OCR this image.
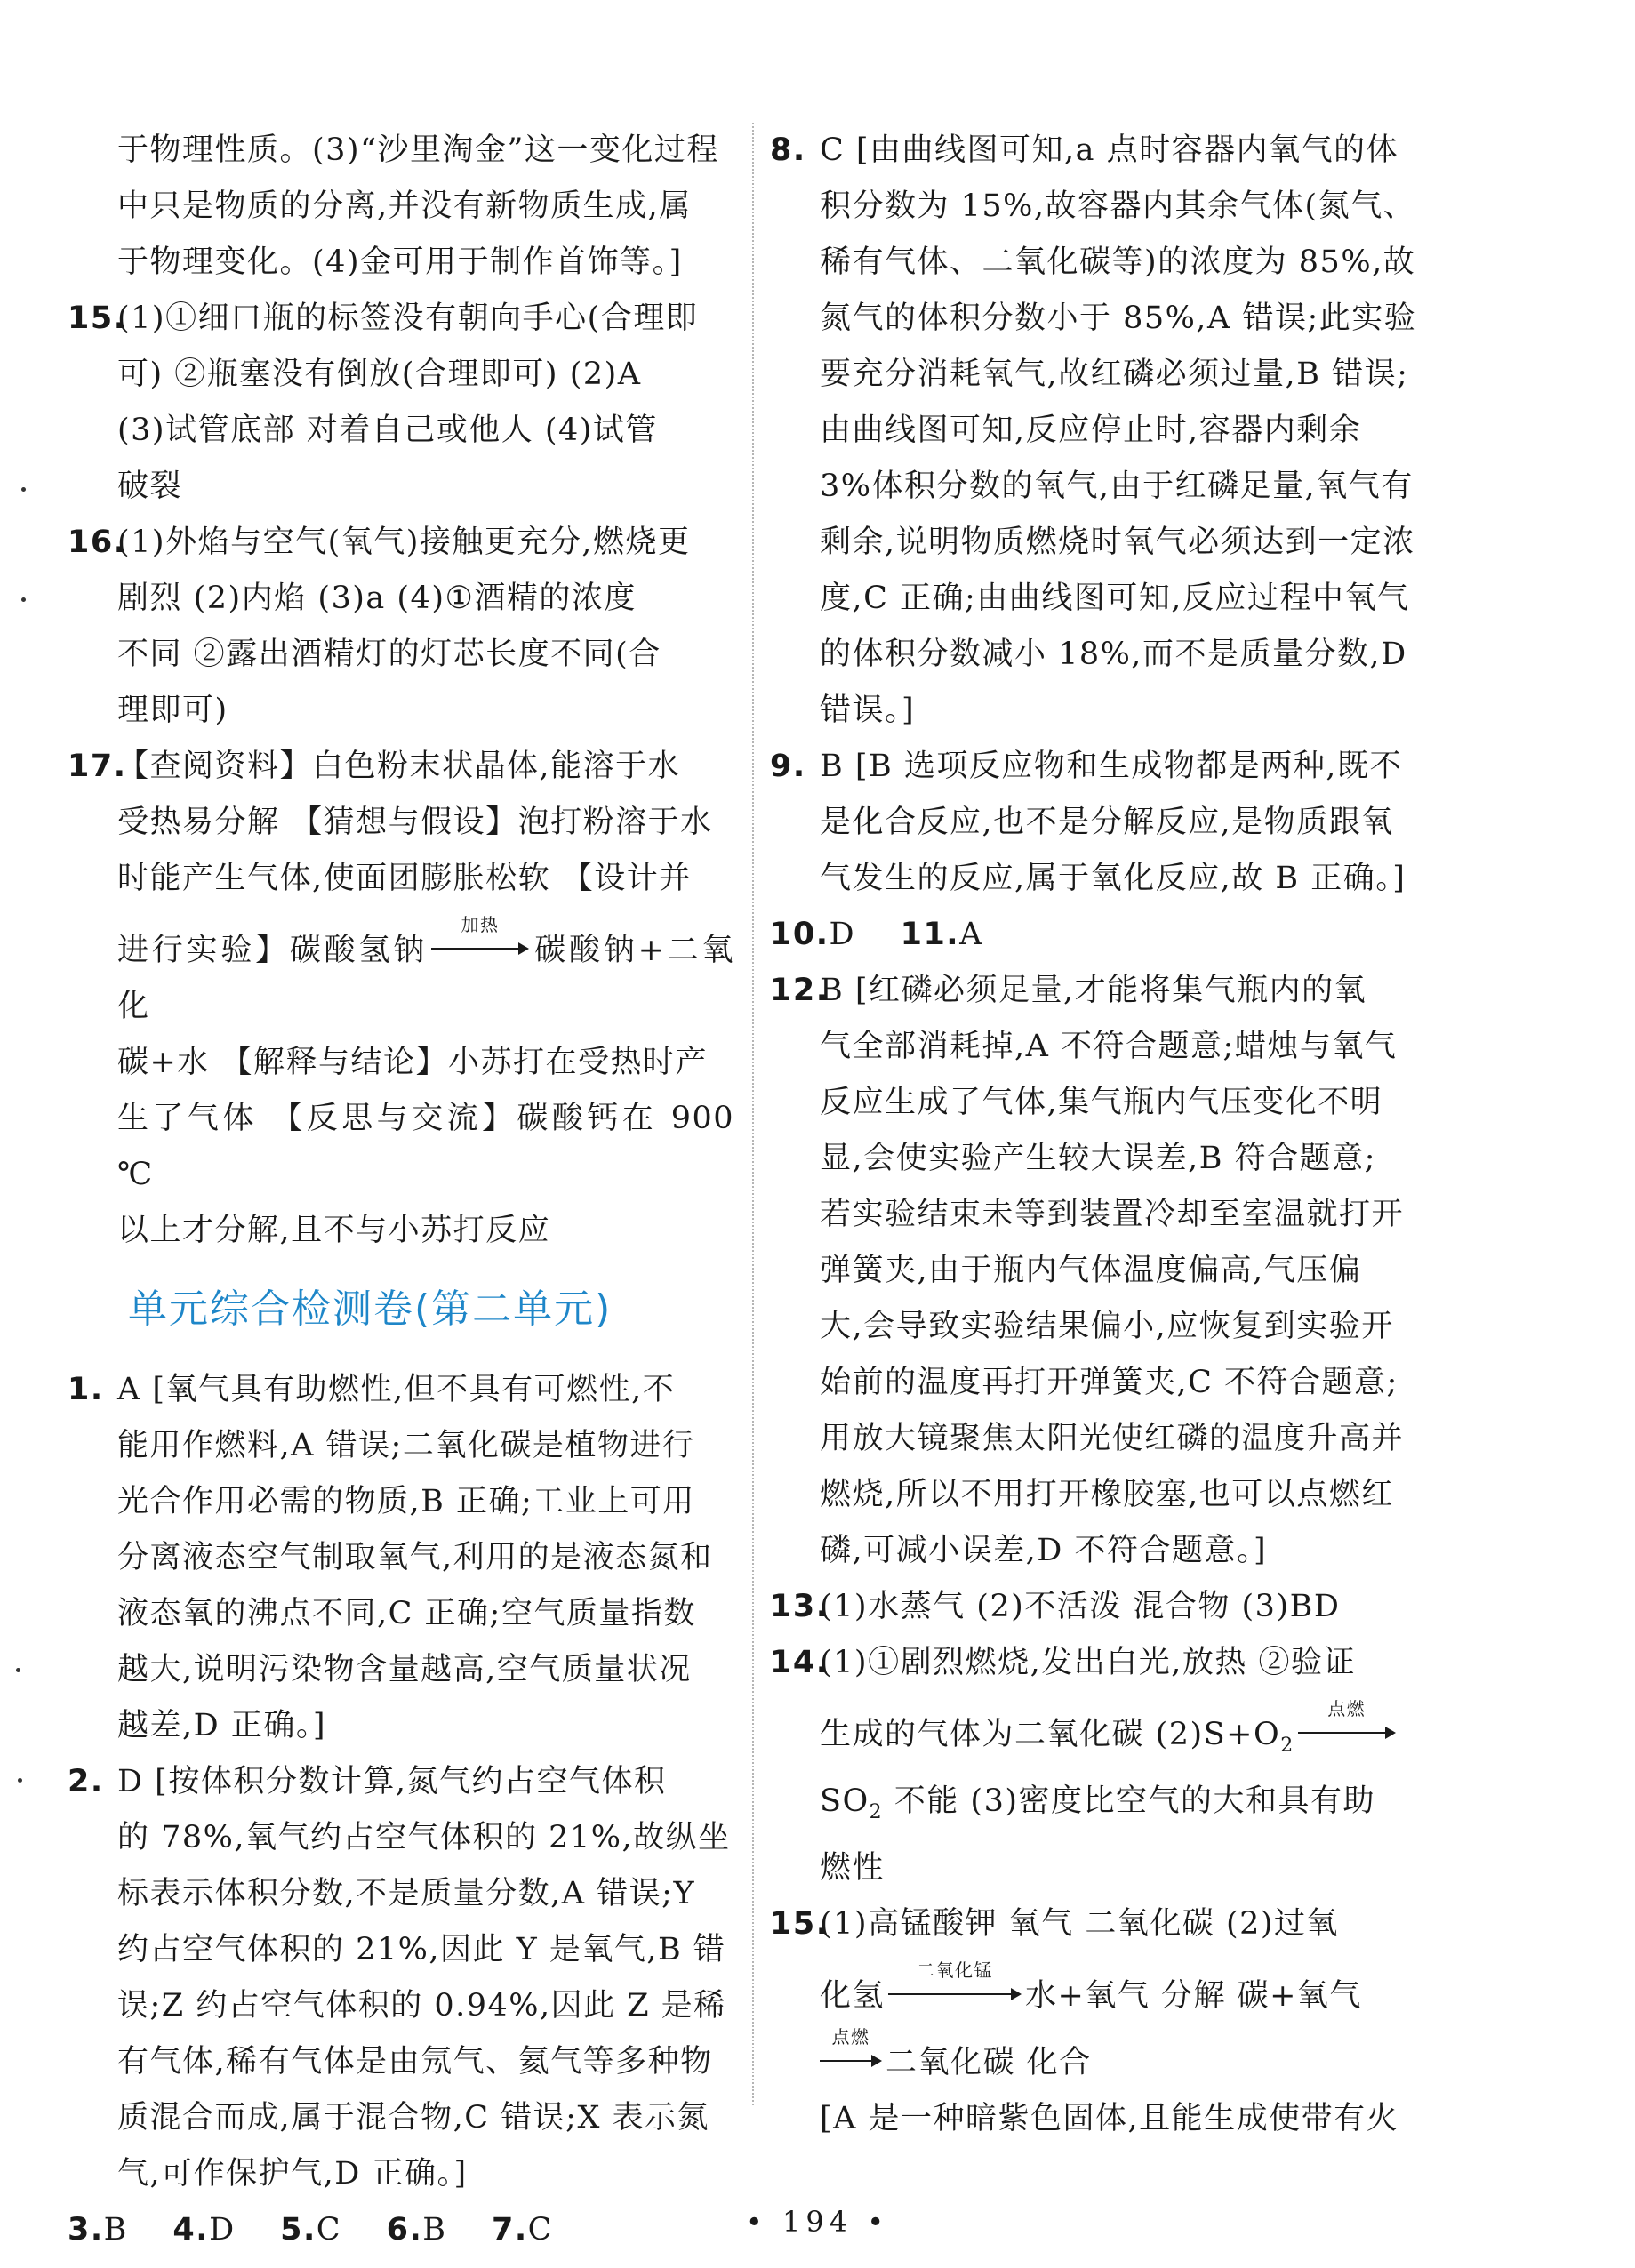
于物理性质。(3)“沙里淘金”这一变化过程
中只是物质的分离,并没有新物质生成,属
于物理变化。(4)金可用于制作首饰等。]
15.
(1)①细口瓶的标签没有朝向手心(合理即
可) ②瓶塞没有倒放(合理即可) (2)A
(3)试管底部 对着自己或他人 (4)试管
破裂
16.
(1)外焰与空气(氧气)接触更充分,燃烧更
剧烈 (2)内焰 (3)a (4)①酒精的浓度
不同 ②露出酒精灯的灯芯长度不同(合
理即可)
17.
【查阅资料】白色粉末状晶体,能溶于水
受热易分解 【猜想与假设】泡打粉溶于水
时能产生气体,使面团膨胀松软 【设计并
进行实验】碳酸氢钠
加热
碳酸钠+二氧化
碳+水 【解释与结论】小苏打在受热时产
生了气体 【反思与交流】碳酸钙在 900 ℃
以上才分解,且不与小苏打反应
单元综合检测卷(第二单元)
1. A [氧气具有助燃性,但不具有可燃性,不
能用作燃料,A 错误;二氧化碳是植物进行
光合作用必需的物质,B 正确;工业上可用
分离液态空气制取氧气,利用的是液态氮和
液态氧的沸点不同,C 正确;空气质量指数
越大,说明污染物含量越高,空气质量状况
越差,D 正确。]
2. D [按体积分数计算,氮气约占空气体积
的 78%,氧气约占空气体积的 21%,故纵坐
标表示体积分数,不是质量分数,A 错误;Y
约占空气体积的 21%,因此 Y 是氧气,B 错
误;Z 约占空气体积的 0.94%,因此 Z 是稀
有气体,稀有气体是由氖气、氦气等多种物
质混合而成,属于混合物,C 错误;X 表示氮
气,可作保护气,D 正确。]
3.B 4.D 5.C 6.B 7.C
8. C [由曲线图可知,a 点时容器内氧气的体
积分数为 15%,故容器内其余气体(氮气、
稀有气体、二氧化碳等)的浓度为 85%,故
氮气的体积分数小于 85%,A 错误;此实验
要充分消耗氧气,故红磷必须过量,B 错误;
由曲线图可知,反应停止时,容器内剩余
3%体积分数的氧气,由于红磷足量,氧气有
剩余,说明物质燃烧时氧气必须达到一定浓
度,C 正确;由曲线图可知,反应过程中氧气
的体积分数减小 18%,而不是质量分数,D
错误。]
9. B [B 选项反应物和生成物都是两种,既不
是化合反应,也不是分解反应,是物质跟氧
气发生的反应,属于氧化反应,故 B 正确。]
10.D 11.A
12.
B [红磷必须足量,才能将集气瓶内的氧
气全部消耗掉,A 不符合题意;蜡烛与氧气
反应生成了气体,集气瓶内气压变化不明
显,会使实验产生较大误差,B 符合题意;
若实验结束未等到装置冷却至室温就打开
弹簧夹,由于瓶内气体温度偏高,气压偏
大,会导致实验结果偏小,应恢复到实验开
始前的温度再打开弹簧夹,C 不符合题意;
用放大镜聚焦太阳光使红磷的温度升高并
燃烧,所以不用打开橡胶塞,也可以点燃红
磷,可减小误差,D 不符合题意。]
13.
(1)水蒸气 (2)不活泼 混合物 (3)BD
14.
(1)①剧烈燃烧,发出白光,放热 ②验证
生成的气体为二氧化碳 $(2)S+O_2$
点燃
$SO_2$ 不能 (3)密度比空气的大和具有助
燃性
15.
(1)高锰酸钾 氧气 二氧化碳 (2)过氧
化氢
二氧化锰
水+氧气 分解 碳+氧气
点燃
二氧化碳 化合
[A 是一种暗紫色固体,且能生成使带有火
• 194 •
